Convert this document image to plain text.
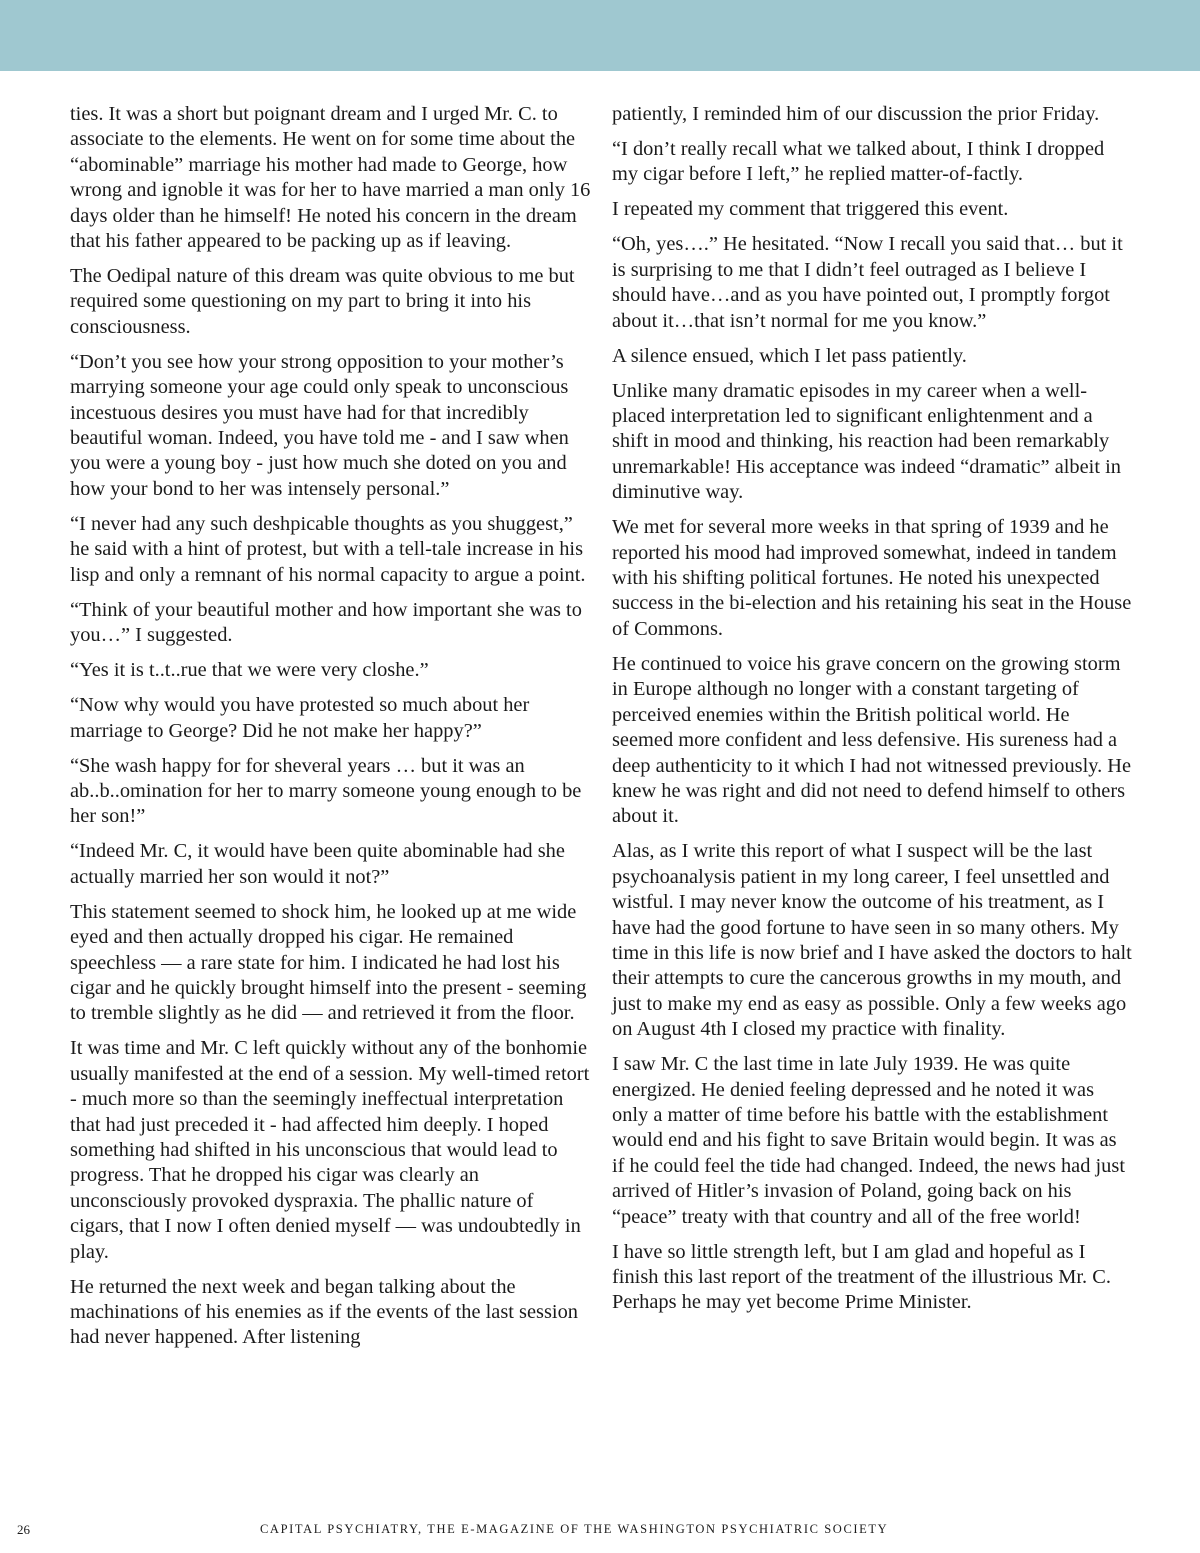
ties. It was a short but poignant dream and I urged Mr. C. to associate to the elements. He went on for some time about the “abominable” marriage his mother had made to George, how wrong and ignoble it was for her to have married a man only 16 days older than he himself! He noted his concern in the dream that his father appeared to be packing up as if leaving.

The Oedipal nature of this dream was quite obvious to me but required some questioning on my part to bring it into his consciousness.

“Don’t you see how your strong opposition to your mother’s marrying someone your age could only speak to unconscious incestuous desires you must have had for that incredibly beautiful woman. Indeed, you have told me - and I saw when you were a young boy - just how much she doted on you and how your bond to her was intensely personal.”

“I never had any such deshpicable thoughts as you shuggest,” he said with a hint of protest, but with a tell-tale increase in his lisp and only a remnant of his normal capacity to argue a point.

“Think of your beautiful mother and how important she was to you…” I suggested.

“Yes it is t..t..rue that we were very closhe.”

“Now why would you have protested so much about her marriage to George? Did he not make her happy?”

“She wash happy for for sheveral years … but it was an ab..b..omination for her to marry someone young enough to be her son!”

“Indeed Mr. C, it would have been quite abominable had she actually married her son would it not?”

This statement seemed to shock him, he looked up at me wide eyed and then actually dropped his cigar. He remained speechless — a rare state for him. I indicated he had lost his cigar and he quickly brought himself into the present - seeming to tremble slightly as he did — and retrieved it from the floor.

It was time and Mr. C left quickly without any of the bonhomie usually manifested at the end of a session. My well-timed retort - much more so than the seemingly ineffectual interpretation that had just preceded it - had affected him deeply. I hoped something had shifted in his unconscious that would lead to progress. That he dropped his cigar was clearly an unconsciously provoked dyspraxia. The phallic nature of cigars, that I now I often denied myself — was undoubtedly in play.

He returned the next week and began talking about the machinations of his enemies as if the events of the last session had never happened. After listening

patiently, I reminded him of our discussion the prior Friday.

“I don’t really recall what we talked about, I think I dropped my cigar before I left,” he replied matter-of-factly.

I repeated my comment that triggered this event.

“Oh, yes….” He hesitated. “Now I recall you said that… but it is surprising to me that I didn’t feel outraged as I believe I should have…and as you have pointed out, I promptly forgot about it…that isn’t normal for me you know.”

A silence ensued, which I let pass patiently.

Unlike many dramatic episodes in my career when a well-placed interpretation led to significant enlightenment and a shift in mood and thinking, his reaction had been remarkably unremarkable! His acceptance was indeed “dramatic” albeit in diminutive way.

We met for several more weeks in that spring of 1939 and he reported his mood had improved somewhat, indeed in tandem with his shifting political fortunes. He noted his unexpected success in the bi-election and his retaining his seat in the House of Commons.

He continued to voice his grave concern on the growing storm in Europe although no longer with a constant targeting of perceived enemies within the British political world. He seemed more confident and less defensive. His sureness had a deep authenticity to it which I had not witnessed previously. He knew he was right and did not need to defend himself to others about it.

Alas, as I write this report of what I suspect will be the last psychoanalysis patient in my long career, I feel unsettled and wistful. I may never know the outcome of his treatment, as I have had the good fortune to have seen in so many others. My time in this life is now brief and I have asked the doctors to halt their attempts to cure the cancerous growths in my mouth, and just to make my end as easy as possible. Only a few weeks ago on August 4th I closed my practice with finality.

I saw Mr. C the last time in late July 1939. He was quite energized. He denied feeling depressed and he noted it was only a matter of time before his battle with the establishment would end and his fight to save Britain would begin. It was as if he could feel the tide had changed. Indeed, the news had just arrived of Hitler’s invasion of Poland, going back on his “peace” treaty with that country and all of the free world!

I have so little strength left, but I am glad and hopeful as I finish this last report of the treatment of the illustrious Mr. C. Perhaps he may yet become Prime Minister.

26	CAPITAL PSYCHIATRY, THE E-MAGAZINE OF THE WASHINGTON PSYCHIATRIC SOCIETY
